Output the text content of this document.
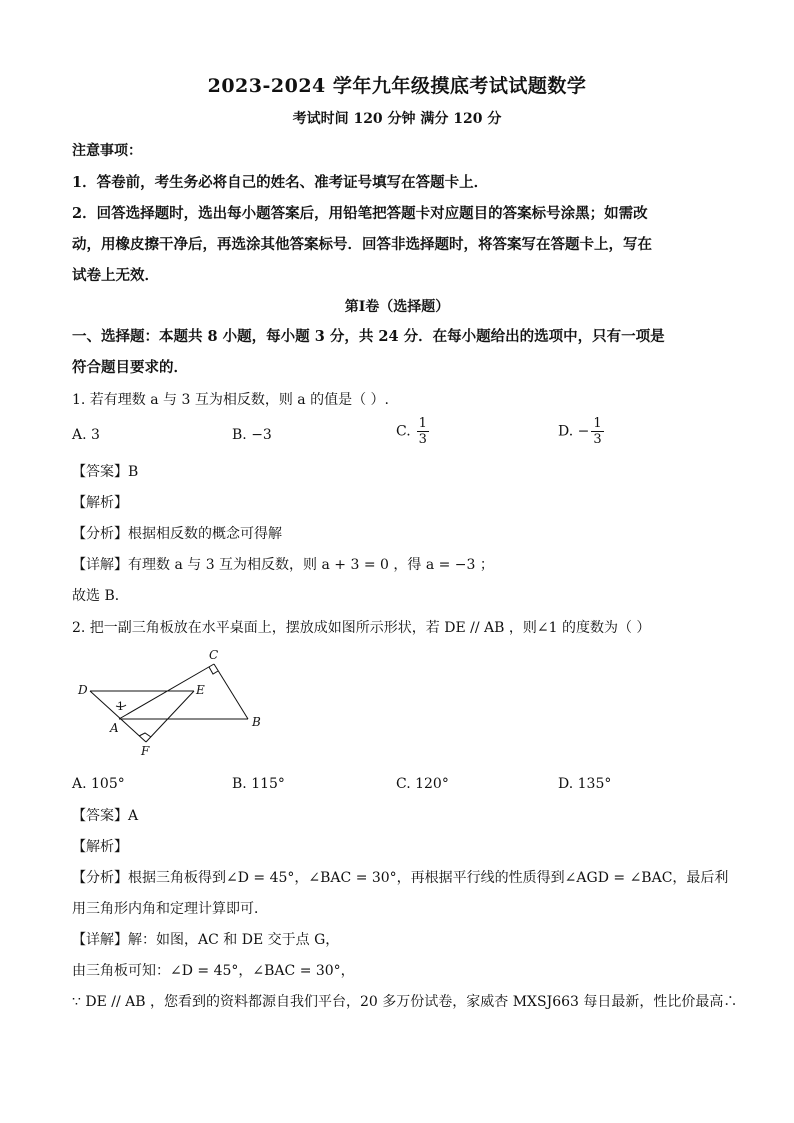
2023-2024 学年九年级摸底考试试题数学
考试时间 120 分钟 满分 120 分
注意事项：
1．答卷前，考生务必将自己的姓名、准考证号填写在答题卡上．
2．回答选择题时，选出每小题答案后，用铅笔把答题卡对应题目的答案标号涂黑；如需改
动，用橡皮擦干净后，再选涂其他答案标号．回答非选择题时，将答案写在答题卡上，写在
试卷上无效．
第Ⅰ卷（选择题）
一、选择题：本题共 8 小题，每小题 3 分，共 24 分．在每小题给出的选项中，只有一项是
符合题目要求的．
1. 若有理数 a 与 3 互为相反数，则 a 的值是（ ）.
A. 3	B. −3	C. $\frac{1}{3}$	D. − $\frac{1}{3}$
【答案】B
【解析】
【分析】根据相反数的概念可得解
【详解】有理数 a 与 3 互为相反数，则 a + 3 = 0 ，得 a = −3 ；
故选 B．
2. 把一副三角板放在水平桌面上，摆放成如图所示形状，若 DE // AB ，则∠1 的度数为（ ）
C
D	E
A	B
F
1
A. 105°	B. 115°	C. 120°	D. 135°
【答案】A
【解析】
【分析】根据三角板得到∠D = 45°，∠BAC = 30°，再根据平行线的性质得到∠AGD = ∠BAC，最后利
用三角形内角和定理计算即可．
【详解】解：如图，AC 和 DE 交于点 G，
由三角板可知：∠D = 45°，∠BAC = 30°，
∵ DE // AB ，您看到的资料都源自我们平台，20 多万份试卷，家威杏 MXSJ663 每日最新，性比价最高∴
